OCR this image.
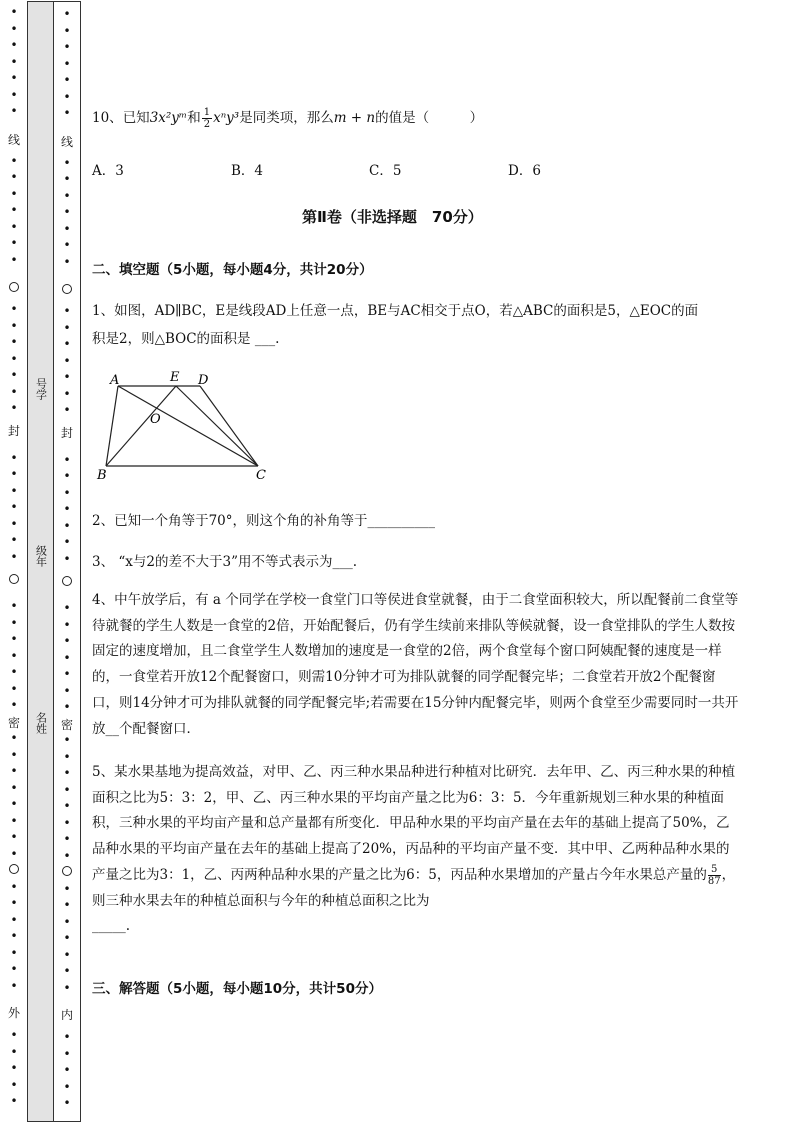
•
•
•
•
•
•
•
•
•
•
•
•
•
•
•
•
•
•
•
•
•
•
•
•
•
•
•
•
•
•
•
•
•
•
•
•
•
•
•
•
•
•
•
•
•
•
•
•
•
•
•
•
•
•
•
线
封
密
外
号学
级年
名姓
•
•
•
•
•
•
•
•
•
•
•
•
•
•
•
•
•
•
•
•
•
•
•
•
•
•
•
•
•
•
•
•
•
•
•
•
•
•
•
•
•
•
•
•
•
•
•
•
•
•
•
•
•
•
•
线
封
密
内
10、已知3x²yᵐ和 $\frac{1}{2} x^ny^3$是同类项，那么m + n的值是（　　　）
A．3	B．4	C．5	D．6
第Ⅱ卷（非选择题　70分）
二、填空题（5小题，每小题4分，共计20分）
1、如图，AD∥BC，E是线段AD上任意一点，BE与AC相交于点O，若△ABC的面积是5，△EOC的面
积是2，则△BOC的面积是 ___.
A	E D
O
B	C
2、已知一个角等于70°，则这个角的补角等于__________
3、 “x与2的差不大于3”用不等式表示为___.
4、中午放学后，有 a 个同学在学校一食堂门口等侯进食堂就餐，由于二食堂面积较大，所以配餐前二食堂等待就餐的学生人数是一食堂的2倍，开始配餐后，仍有学生续前来排队等候就餐，设一食堂排队的学生人数按固定的速度增加，且二食堂学生人数增加的速度是一食堂的2倍，两个食堂每个窗口阿姨配餐的速度是一样的，一食堂若开放12个配餐窗口，则需10分钟才可为排队就餐的同学配餐完毕；二食堂若开放2个配餐窗口，则14分钟才可为排队就餐的同学配餐完毕;若需要在15分钟内配餐完毕，则两个食堂至少需要同时一共开放__个配餐窗口．
5、某水果基地为提高效益，对甲、乙、丙三种水果品种进行种植对比研究．去年甲、乙、丙三种水果的种植面积之比为5：3：2，甲、乙、丙三种水果的平均亩产量之比为6：3：5．今年重新规划三种水果的种植面积，三种水果的平均亩产量和总产量都有所变化．甲品种水果的平均亩产量在去年的基础上提高了50%，乙品种水果的平均亩产量在去年的基础上提高了20%，丙品种的平均亩产量不变．其中甲、乙两种品种水果的产量之比为3：1，乙、丙两种品种水果的产量之比为6：5，丙品种水果增加的产量占今年水果总产量的 $\frac{5}{87}$ ，则三种水果去年的种植总面积与今年的种植总面积之比为
_____.
三、解答题（5小题，每小题10分，共计50分）
